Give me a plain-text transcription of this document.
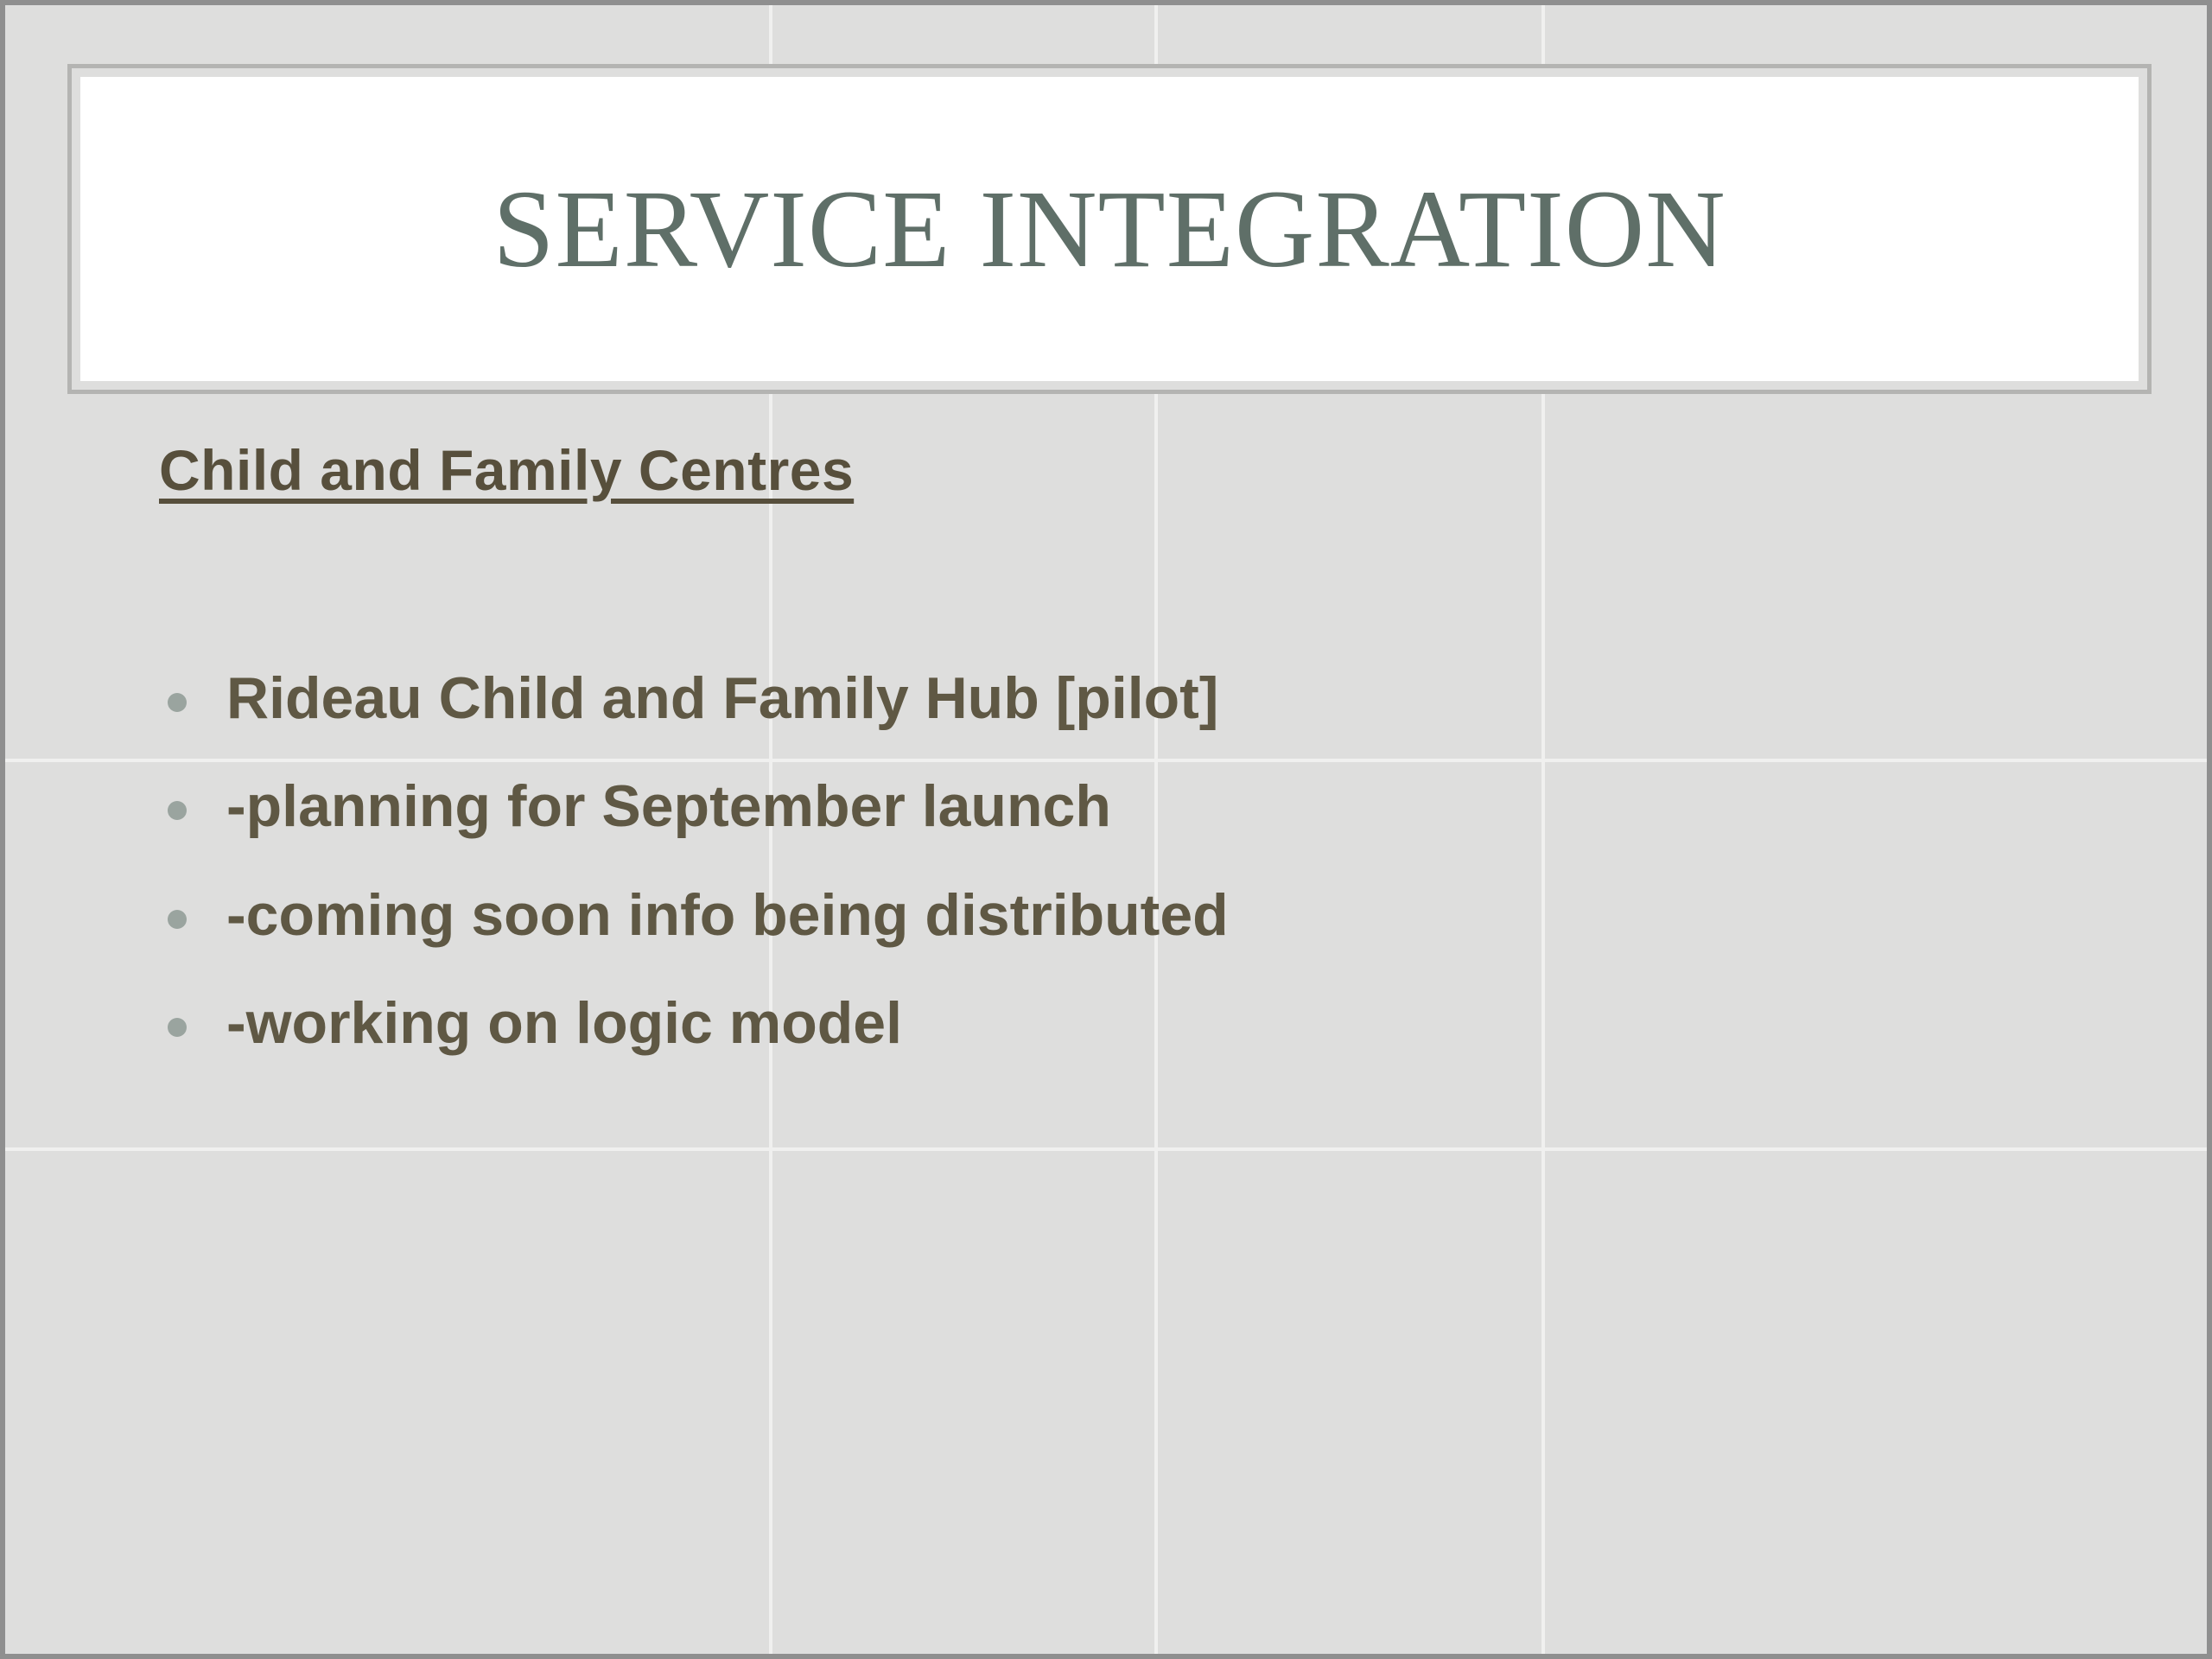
SERVICE INTEGRATION
Child and Family Centres
Rideau Child and Family Hub [pilot]
-planning for September launch
-coming soon info being distributed
-working on logic model
